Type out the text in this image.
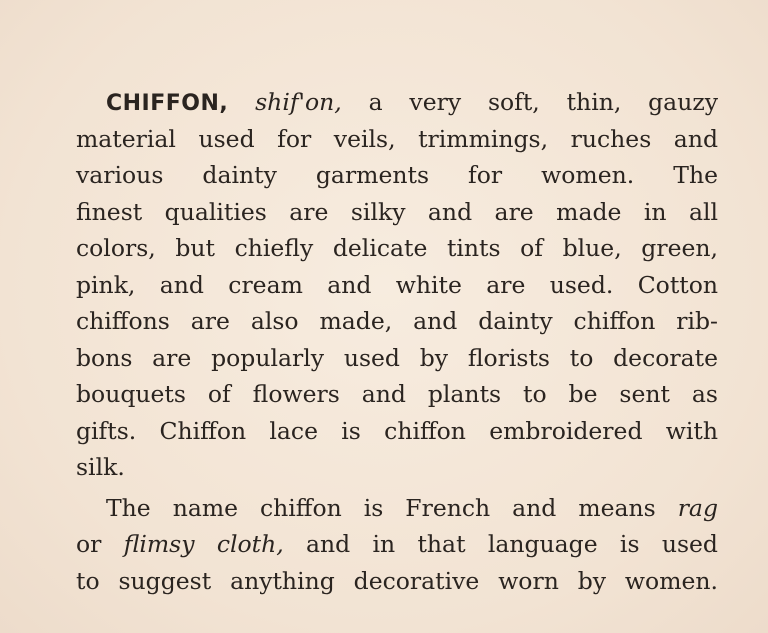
CHIFFON, shif'on, a very soft, thin, gauzy
material used for veils, trimmings, ruches and
various dainty garments for women. The
finest qualities are silky and are made in all
colors, but chiefly delicate tints of blue, green,
pink, and cream and white are used. Cotton
chiffons are also made, and dainty chiffon rib-
bons are popularly used by florists to decorate
bouquets of flowers and plants to be sent as
gifts. Chiffon lace is chiffon embroidered with
silk.
The name chiffon is French and means rag
or flimsy cloth, and in that language is used
to suggest anything decorative worn by women.
